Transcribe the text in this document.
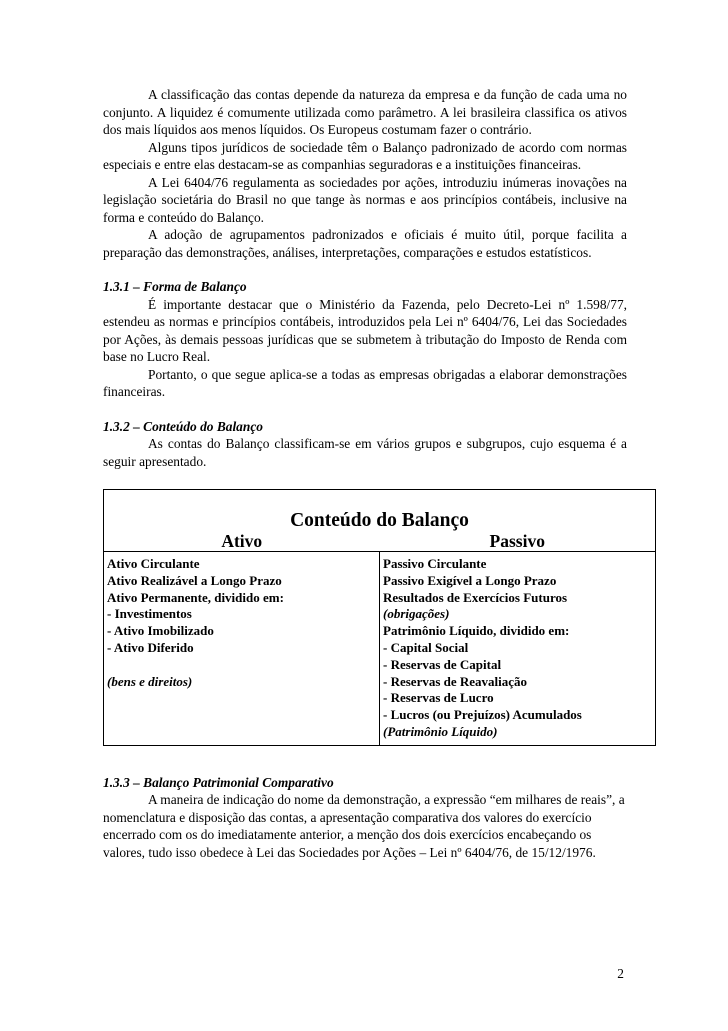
A classificação das contas depende da natureza da empresa e da função de cada uma no conjunto. A liquidez é comumente utilizada como parâmetro. A lei brasileira classifica os ativos dos mais líquidos aos menos líquidos. Os Europeus costumam fazer o contrário.

Alguns tipos jurídicos de sociedade têm o Balanço padronizado de acordo com normas especiais e entre elas destacam-se as companhias seguradoras e a instituições financeiras.

A Lei 6404/76 regulamenta as sociedades por ações, introduziu inúmeras inovações na legislação societária do Brasil no que tange às normas e aos princípios contábeis, inclusive na forma e conteúdo do Balanço.

A adoção de agrupamentos padronizados e oficiais é muito útil, porque facilita a preparação das demonstrações, análises, interpretações, comparações e estudos estatísticos.

1.3.1 – Forma de Balanço

É importante destacar que o Ministério da Fazenda, pelo Decreto-Lei nº 1.598/77, estendeu as normas e princípios contábeis, introduzidos pela Lei nº 6404/76, Lei das Sociedades por Ações, às demais pessoas jurídicas que se submetem à tributação do Imposto de Renda com base no Lucro Real.

Portanto, o que segue aplica-se a todas as empresas obrigadas a elaborar demonstrações financeiras.

1.3.2 – Conteúdo do Balanço

As contas do Balanço classificam-se em vários grupos e subgrupos, cujo esquema é a seguir apresentado.

Conteúdo do Balanço
Ativo	Passivo
Ativo Circulante
Ativo Realizável a Longo Prazo
Ativo Permanente, dividido em:
- Investimentos
- Ativo Imobilizado
- Ativo Diferido
(bens e direitos)
Passivo Circulante
Passivo Exigível a Longo Prazo
Resultados de Exercícios Futuros
(obrigações)
Patrimônio Líquido, dividido em:
- Capital Social
- Reservas de Capital
- Reservas de Reavaliação
- Reservas de Lucro
- Lucros (ou Prejuízos) Acumulados
(Patrimônio Líquido)
1.3.3 – Balanço Patrimonial Comparativo

A maneira de indicação do nome da demonstração, a expressão “em milhares de reais”, a nomenclatura e disposição das contas, a apresentação comparativa dos valores do exercício encerrado com os do imediatamente anterior, a menção dos dois exercícios encabeçando os valores, tudo isso obedece à Lei das Sociedades por Ações – Lei nº 6404/76, de 15/12/1976.

2
